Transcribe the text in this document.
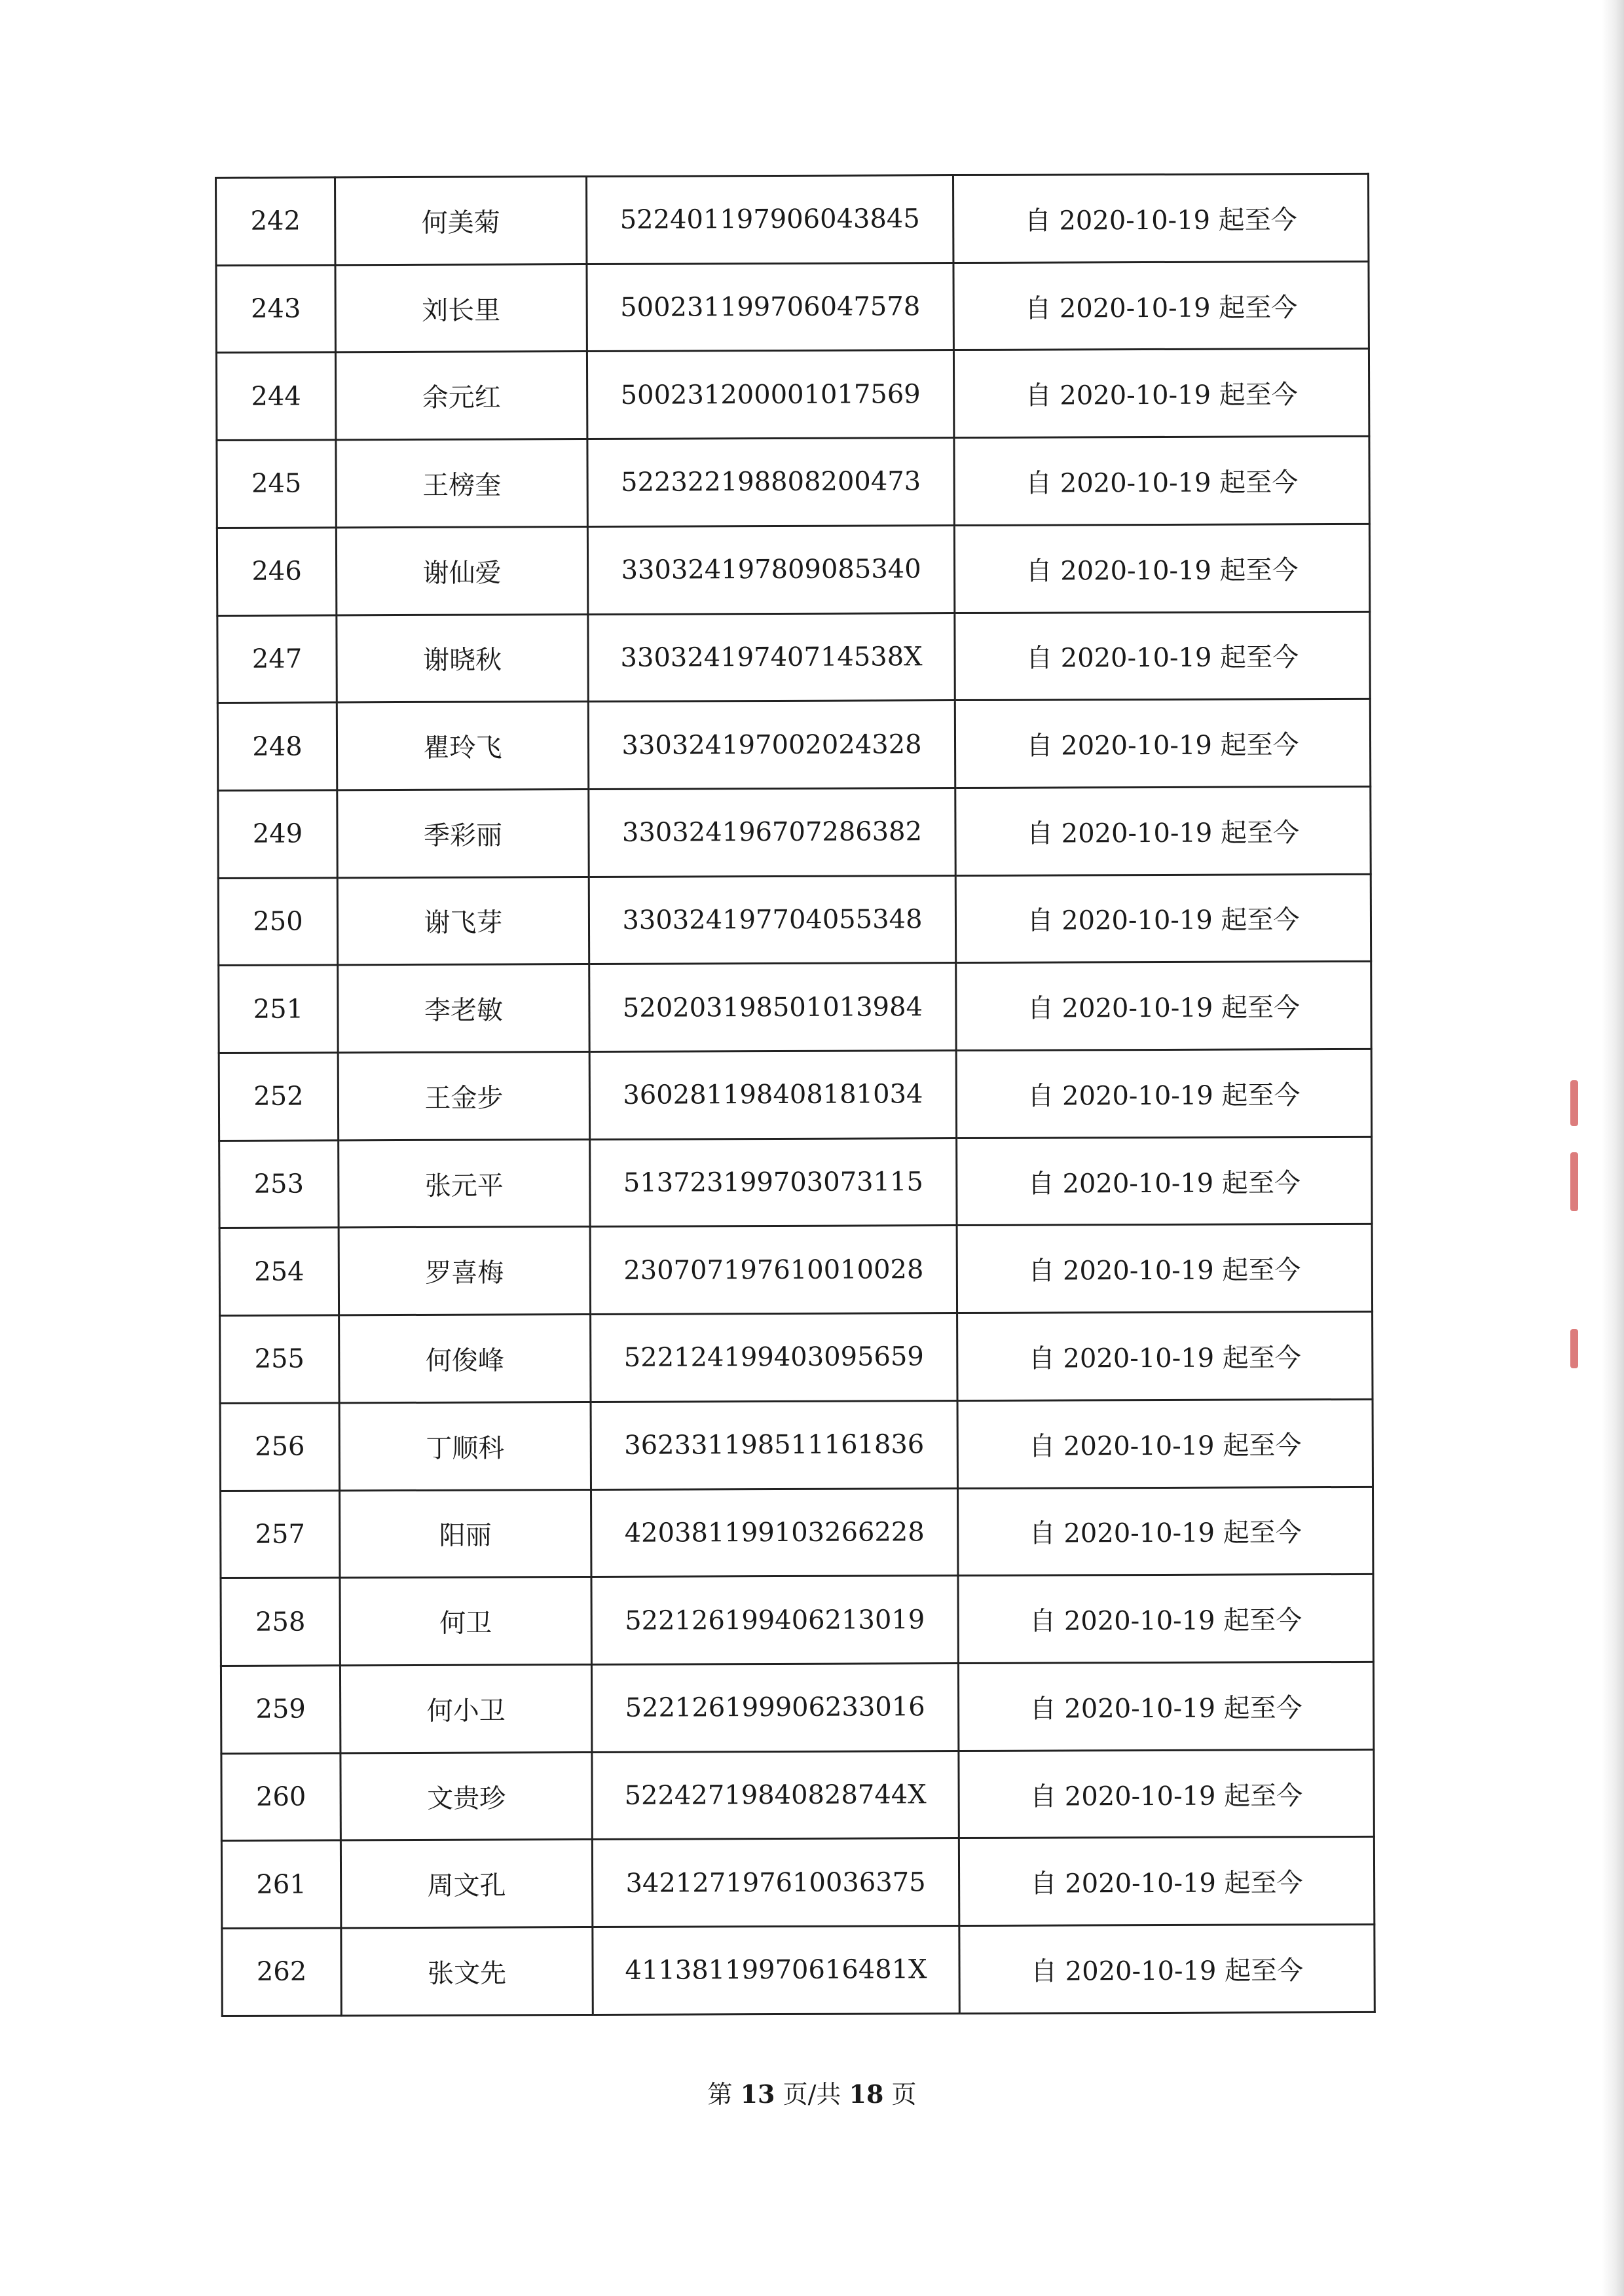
242	何美菊	522401197906043845	自 2020-10-19 起至今
243	刘长里	500231199706047578	自 2020-10-19 起至今
244	余元红	500231200001017569	自 2020-10-19 起至今
245	王榜奎	522322198808200473	自 2020-10-19 起至今
246	谢仙爱	330324197809085340	自 2020-10-19 起至今
247	谢晓秋	33032419740714538X	自 2020-10-19 起至今
248	瞿玲飞	330324197002024328	自 2020-10-19 起至今
249	季彩丽	330324196707286382	自 2020-10-19 起至今
250	谢飞芽	330324197704055348	自 2020-10-19 起至今
251	李老敏	520203198501013984	自 2020-10-19 起至今
252	王金步	360281198408181034	自 2020-10-19 起至今
253	张元平	513723199703073115	自 2020-10-19 起至今
254	罗喜梅	230707197610010028	自 2020-10-19 起至今
255	何俊峰	522124199403095659	自 2020-10-19 起至今
256	丁顺科	362331198511161836	自 2020-10-19 起至今
257	阳丽	420381199103266228	自 2020-10-19 起至今
258	何卫	522126199406213019	自 2020-10-19 起至今
259	何小卫	522126199906233016	自 2020-10-19 起至今
260	文贵珍	52242719840828744X	自 2020-10-19 起至今
261	周文孔	342127197610036375	自 2020-10-19 起至今
262	张文先	41138119970616481X	自 2020-10-19 起至今
第 13 页/共 18 页
